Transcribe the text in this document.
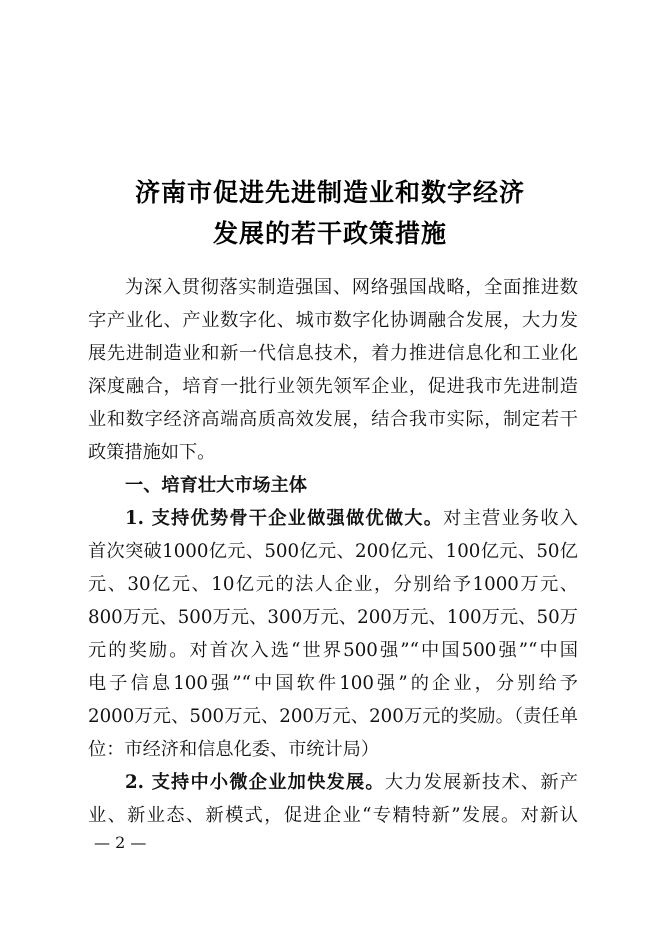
济南市促进先进制造业和数字经济
发展的若干政策措施
为深入贯彻落实制造强国、网络强国战略，全面推进数
字产业化、产业数字化、城市数字化协调融合发展，大力发
展先进制造业和新一代信息技术，着力推进信息化和工业化
深度融合，培育一批行业领先领军企业，促进我市先进制造
业和数字经济高端高质高效发展，结合我市实际，制定若干
政策措施如下。
一、培育壮大市场主体
1. 支持优势骨干企业做强做优做大。对主营业务收入
首次突破1000亿元、500亿元、200亿元、100亿元、50亿
元、30亿元、10亿元的法人企业，分别给予1000万元、
800万元、500万元、300万元、200万元、100万元、50万
元的奖励。对首次入选“世界500强”“中国500强”“中国
电子信息100强”“中国软件100强”的企业，分别给予
2000万元、500万元、200万元、200万元的奖励。（责任单
位：市经济和信息化委、市统计局）
2. 支持中小微企业加快发展。大力发展新技术、新产
业、新业态、新模式，促进企业“专精特新”发展。对新认
— 2 —
